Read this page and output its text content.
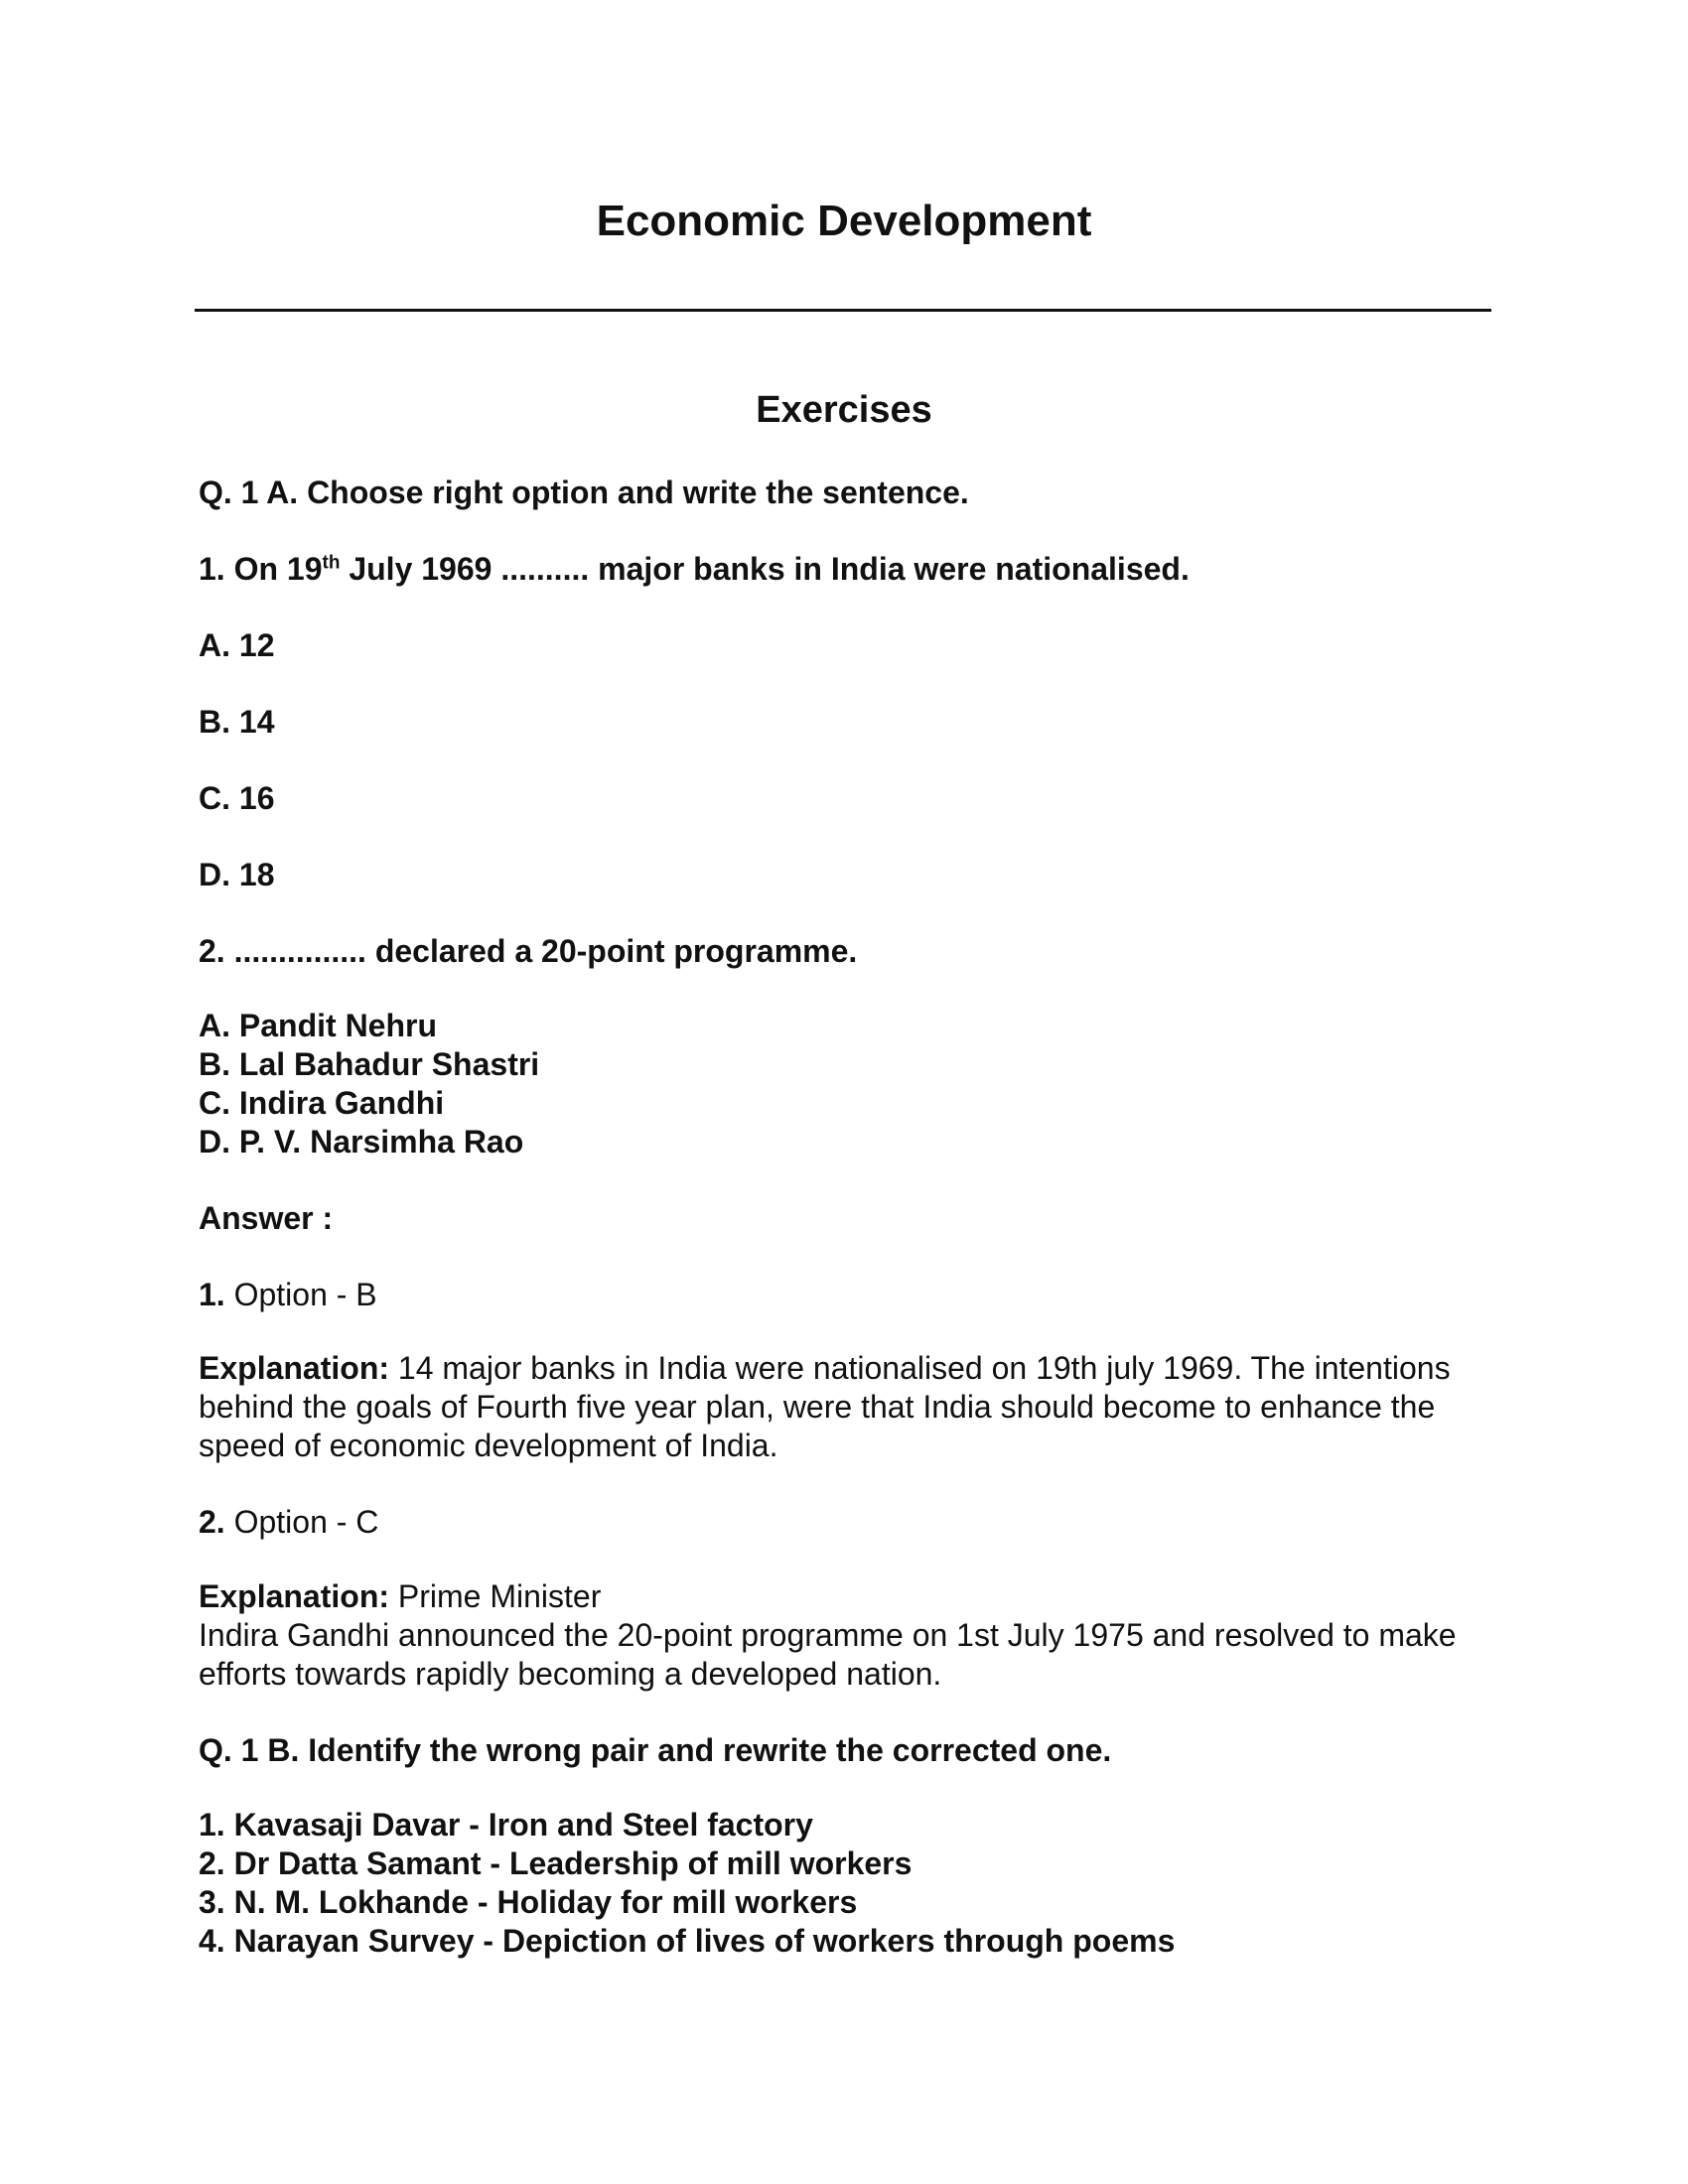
Economic Development
Exercises
Q. 1 A. Choose right option and write the sentence.
1. On 19th July 1969 .......... major banks in India were nationalised.
A. 12
B. 14
C. 16
D. 18
2. ............... declared a 20-point programme.
A. Pandit Nehru
B. Lal Bahadur Shastri
C. Indira Gandhi
D. P. V. Narsimha Rao
Answer :
1. Option - B
Explanation: 14 major banks in India were nationalised on 19th july 1969. The intentions behind the goals of Fourth five year plan, were that India should become to enhance the speed of economic development of India.
2. Option - C
Explanation: Prime Minister
Indira Gandhi announced the 20-point programme on 1st July 1975 and resolved to make efforts towards rapidly becoming a developed nation.
Q. 1 B. Identify the wrong pair and rewrite the corrected one.
1. Kavasaji Davar - Iron and Steel factory
2. Dr Datta Samant - Leadership of mill workers
3. N. M. Lokhande - Holiday for mill workers
4. Narayan Survey - Depiction of lives of workers through poems
